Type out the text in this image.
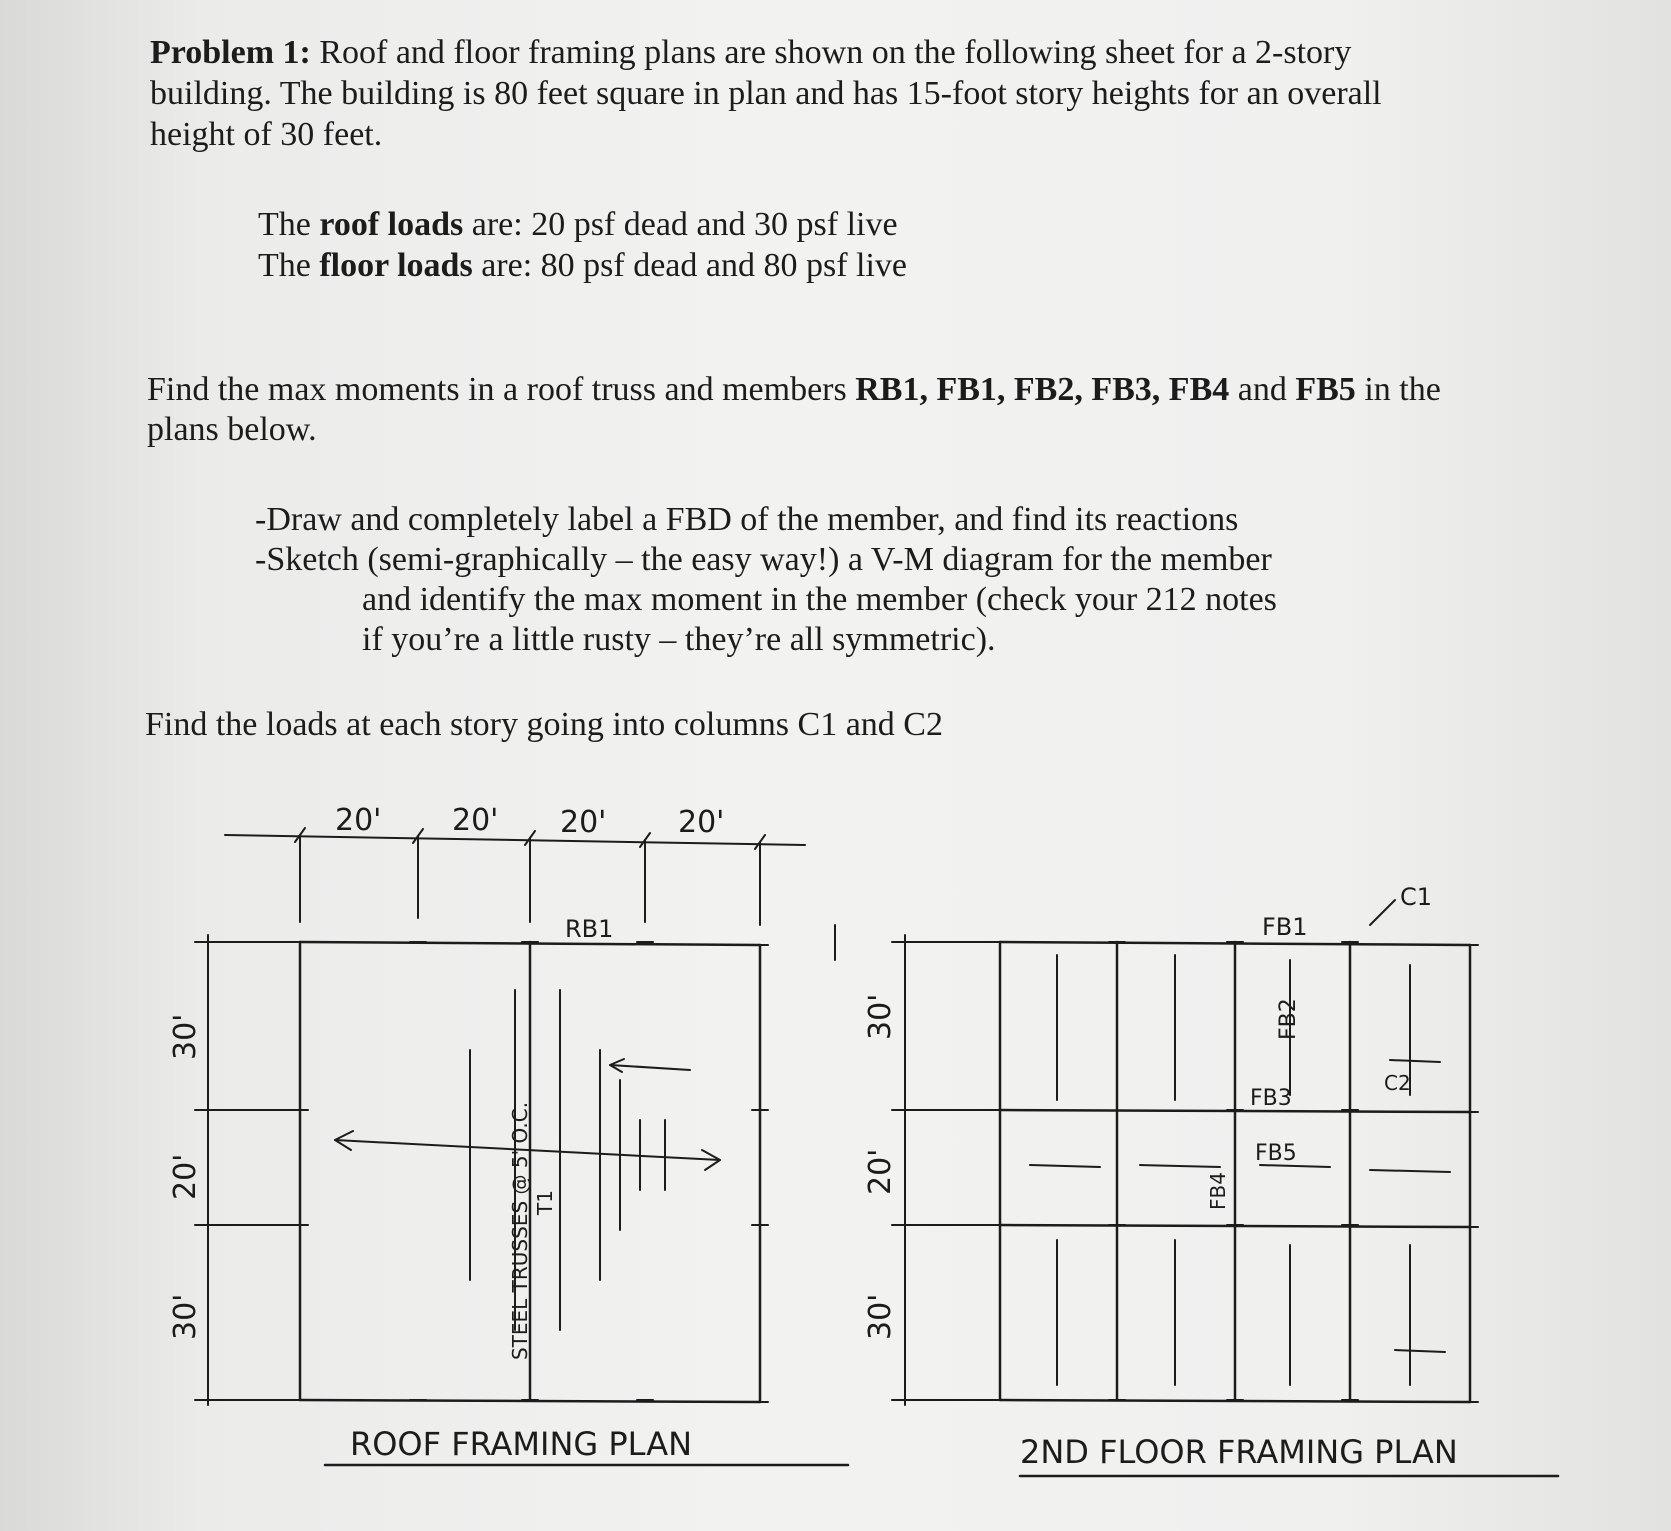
Problem 1: Roof and floor framing plans are shown on the following sheet for a 2-story
building. The building is 80 feet square in plan and has 15-foot story heights for an overall
height of 30 feet.
The roof loads are: 20 psf dead and 30 psf live
The floor loads are: 80 psf dead and 80 psf live
Find the max moments in a roof truss and members RB1, FB1, FB2, FB3, FB4 and FB5 in the
plans below.
-Draw and completely label a FBD of the member, and find its reactions
-Sketch (semi-graphically – the easy way!) a V-M diagram for the member
and identify the max moment in the member (check your 212 notes
if you’re a little rusty – they’re all symmetric).
Find the loads at each story going into columns C1 and C2
20' 20' 20' 20'
30'
20'
30'
RB1
STEEL TRUSSES @ 5' O.C. T1
ROOF FRAMING PLAN
30'
20'
30'
FB1
FB2
FB3
FB4
FB5
C1
C2
2ND FLOOR FRAMING PLAN
